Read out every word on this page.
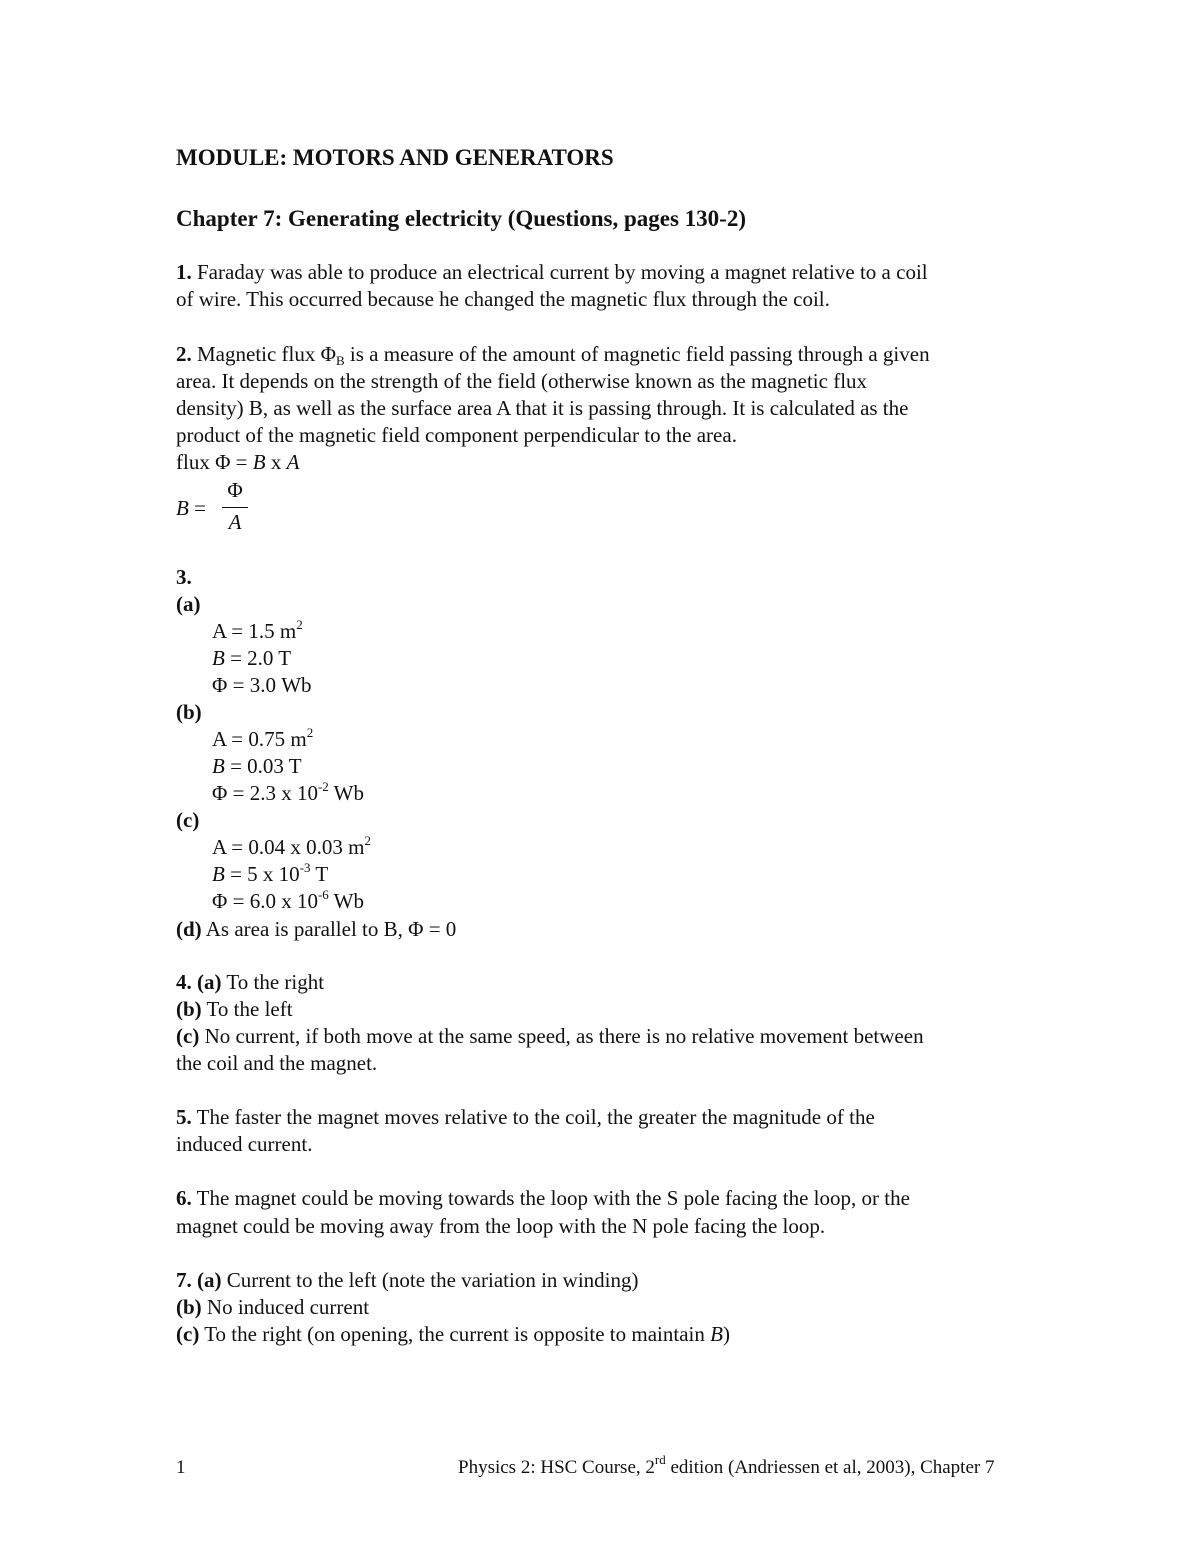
MODULE: MOTORS AND GENERATORS
Chapter 7: Generating electricity (Questions, pages 130-2)
1. Faraday was able to produce an electrical current by moving a magnet relative to a coil
of wire. This occurred because he changed the magnetic flux through the coil.
2. Magnetic flux $\Phi_B$ is a measure of the amount of magnetic field passing through a given
area. It depends on the strength of the field (otherwise known as the magnetic flux
density) B, as well as the surface area A that it is passing through. It is calculated as the
product of the magnetic field component perpendicular to the area.
flux Φ = B x A
B =
Φ
A
3.
(a)
A = 1.5 $m^2$
B = 2.0 T
Φ = 3.0 Wb
(b)
A = 0.75 $m^2$
B = 0.03 T
Φ = 2.3 x $10^{-2}$ Wb
(c)
A = 0.04 x 0.03 $m^2$
B = 5 x $10^{-3}$ T
Φ = 6.0 x $10^{-6}$ Wb
(d) As area is parallel to B, Φ = 0
4. (a) To the right
(b) To the left
(c) No current, if both move at the same speed, as there is no relative movement between
the coil and the magnet.
5. The faster the magnet moves relative to the coil, the greater the magnitude of the
induced current.
6. The magnet could be moving towards the loop with the S pole facing the loop, or the
magnet could be moving away from the loop with the N pole facing the loop.
7. (a) Current to the left (note the variation in winding)
(b) No induced current
(c) To the right (on opening, the current is opposite to maintain B)
1	Physics 2: HSC Course, 2rd edition (Andriessen et al, 2003), Chapter 7
